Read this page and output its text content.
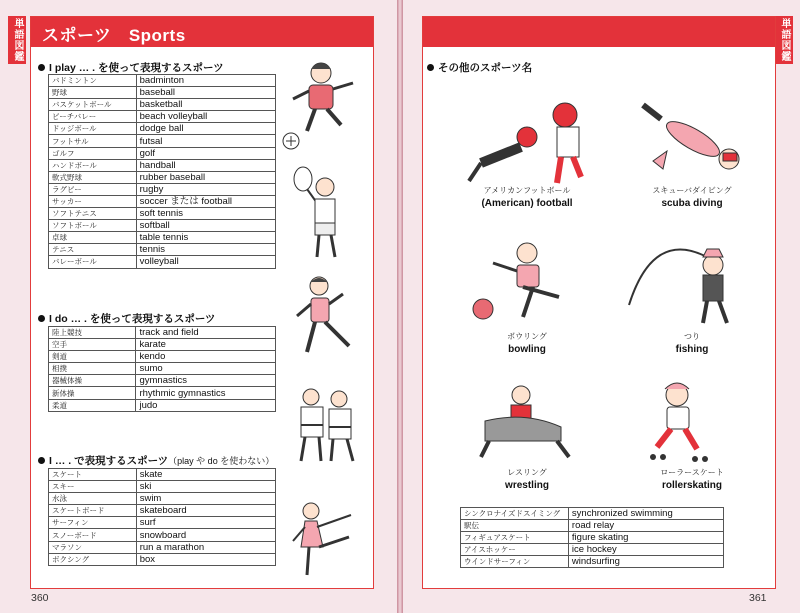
単語図鑑 スポーツ　Sports
I play … . を使って表現するスポーツ
バドミントン	badminton
野球	baseball
バスケットボール	basketball
ビーチバレー	beach volleyball
ドッジボール	dodge ball
フットサル	futsal
ゴルフ	golf
ハンドボール	handball
軟式野球	rubber baseball
ラグビー	rugby
サッカー	soccer または football
ソフトテニス	soft tennis
ソフトボール	softball
卓球	table tennis
テニス	tennis
バレーボール	volleyball
I do … . を使って表現するスポーツ
陸上競技	track and field
空手	karate
剣道	kendo
相撲	sumo
器械体操	gymnastics
新体操	rhythmic gymnastics
柔道	judo
I … . で表現するスポーツ（play や do を使わない）
スケート	skate
スキー	ski
水泳	swim
スケートボード	skateboard
サーフィン	surf
スノーボード	snowboard
マラソン	run a marathon
ボクシング	box
360
単語図鑑
その他のスポーツ名
アメリカンフットボール
(American) football
スキューバダイビング
scuba diving
ボウリング
bowling
つり
fishing
レスリング
wrestling
ローラースケート
rollerskating
シンクロナイズドスイミング	synchronized swimming
駅伝	road relay
フィギュアスケート	figure skating
アイスホッケー	ice hockey
ウインドサーフィン	windsurfing
361
